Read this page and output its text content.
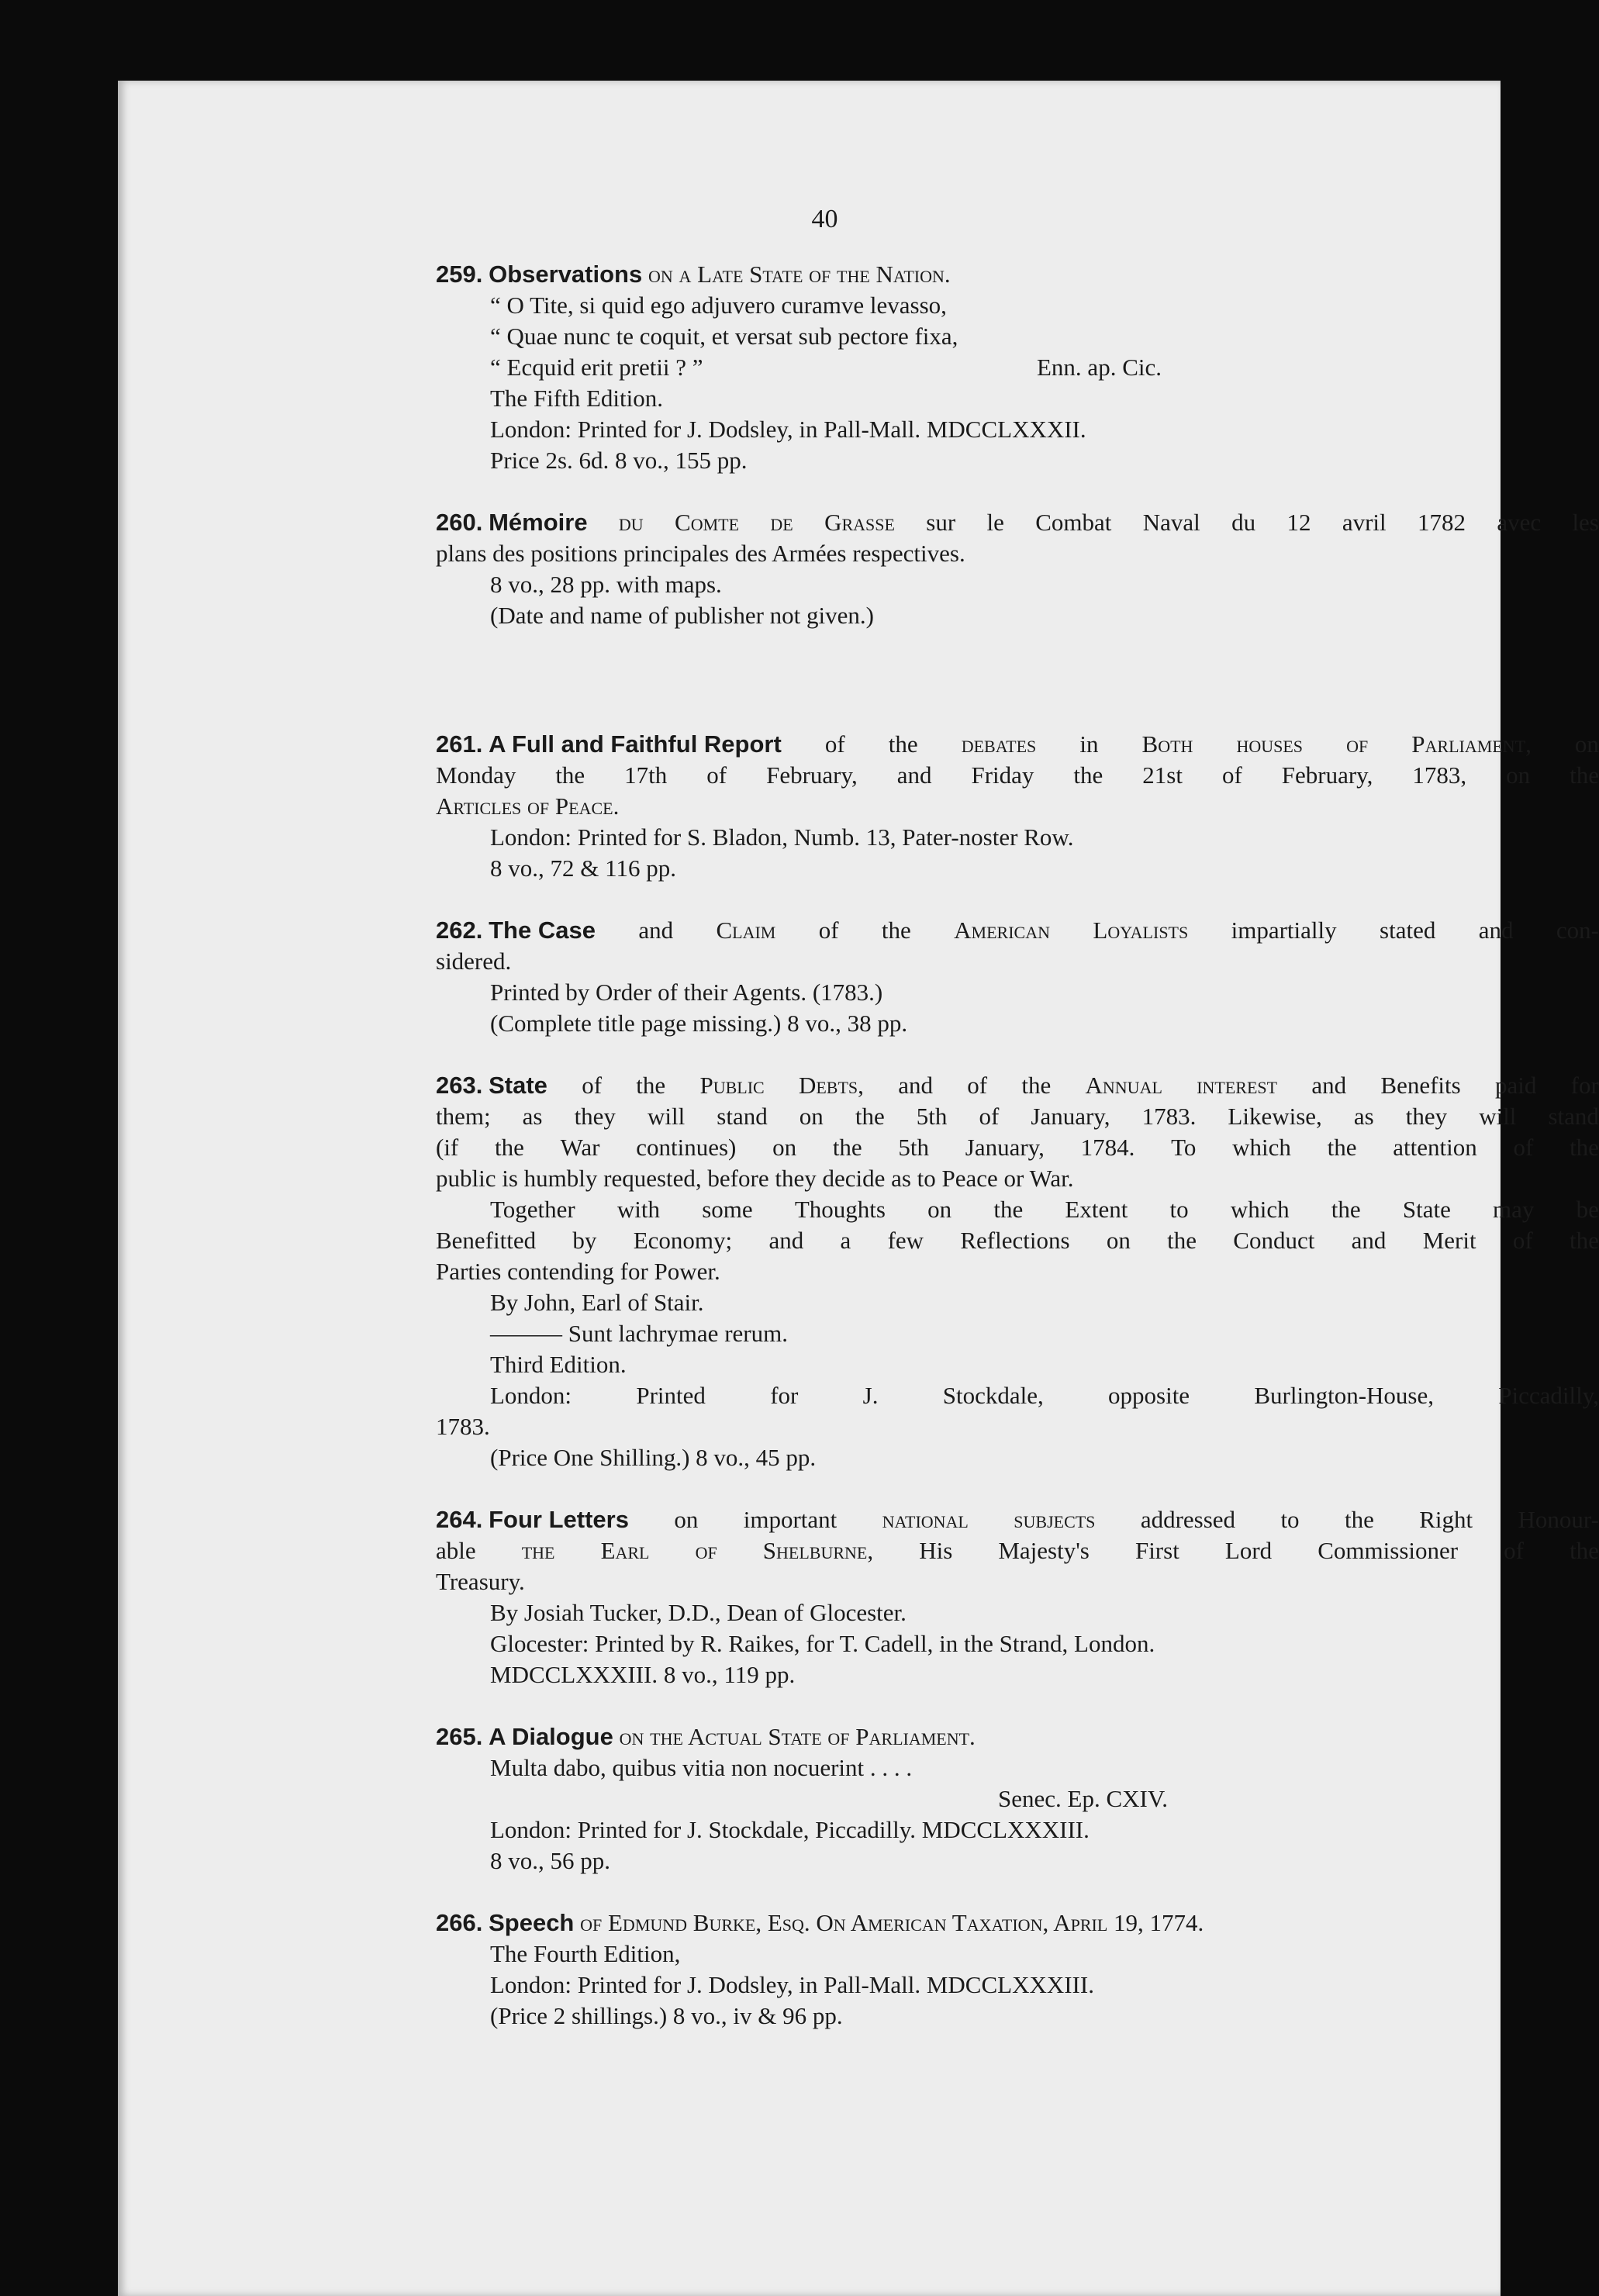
40
259. Observations on a Late State of the Nation.
“ O Tite, si quid ego adjuvero curamve levasso,
“ Quae nunc te coquit, et versat sub pectore fixa,
“ Ecquid erit pretii ? ”	Enn. ap. Cic.
The Fifth Edition.
London: Printed for J. Dodsley, in Pall-Mall. MDCCLXXXII.
Price 2s. 6d. 8 vo., 155 pp.
260. Mémoire du Comte de Grasse sur le Combat Naval du 12 avril 1782 avec les
plans des positions principales des Armées respectives.
8 vo., 28 pp. with maps.
(Date and name of publisher not given.)
261. A Full and Faithful Report of the debates in Both houses of Parliament, on
Monday the 17th of February, and Friday the 21st of February, 1783, on the
Articles of Peace.
London: Printed for S. Bladon, Numb. 13, Pater-noster Row.
8 vo., 72 & 116 pp.
262. The Case and Claim of the American Loyalists impartially stated and con-
sidered.
Printed by Order of their Agents. (1783.)
(Complete title page missing.) 8 vo., 38 pp.
263. State of the Public Debts, and of the Annual interest and Benefits paid for
them; as they will stand on the 5th of January, 1783. Likewise, as they will stand
(if the War continues) on the 5th January, 1784. To which the attention of the
public is humbly requested, before they decide as to Peace or War.
Together with some Thoughts on the Extent to which the State may be
Benefitted by Economy; and a few Reflections on the Conduct and Merit of the
Parties contending for Power.
By John, Earl of Stair.
——— Sunt lachrymae rerum.
Third Edition.
London:	Printed	for	J.	Stockdale,	opposite	Burlington-House,	Piccadilly,
1783.
(Price One Shilling.) 8 vo., 45 pp.
264. Four Letters on important national subjects addressed to the Right Honour-
able the Earl of Shelburne, His Majesty's First Lord Commissioner of the
Treasury.
By Josiah Tucker, D.D., Dean of Glocester.
Glocester: Printed by R. Raikes, for T. Cadell, in the Strand, London.
MDCCLXXXIII. 8 vo., 119 pp.
265. A Dialogue on the Actual State of Parliament.
Multa dabo, quibus vitia non nocuerint . . . .
Senec. Ep. CXIV.
London: Printed for J. Stockdale, Piccadilly. MDCCLXXXIII.
8 vo., 56 pp.
266. Speech of Edmund Burke, Esq. On American Taxation, April 19, 1774.
The Fourth Edition,
London: Printed for J. Dodsley, in Pall-Mall. MDCCLXXXIII.
(Price 2 shillings.) 8 vo., iv & 96 pp.
